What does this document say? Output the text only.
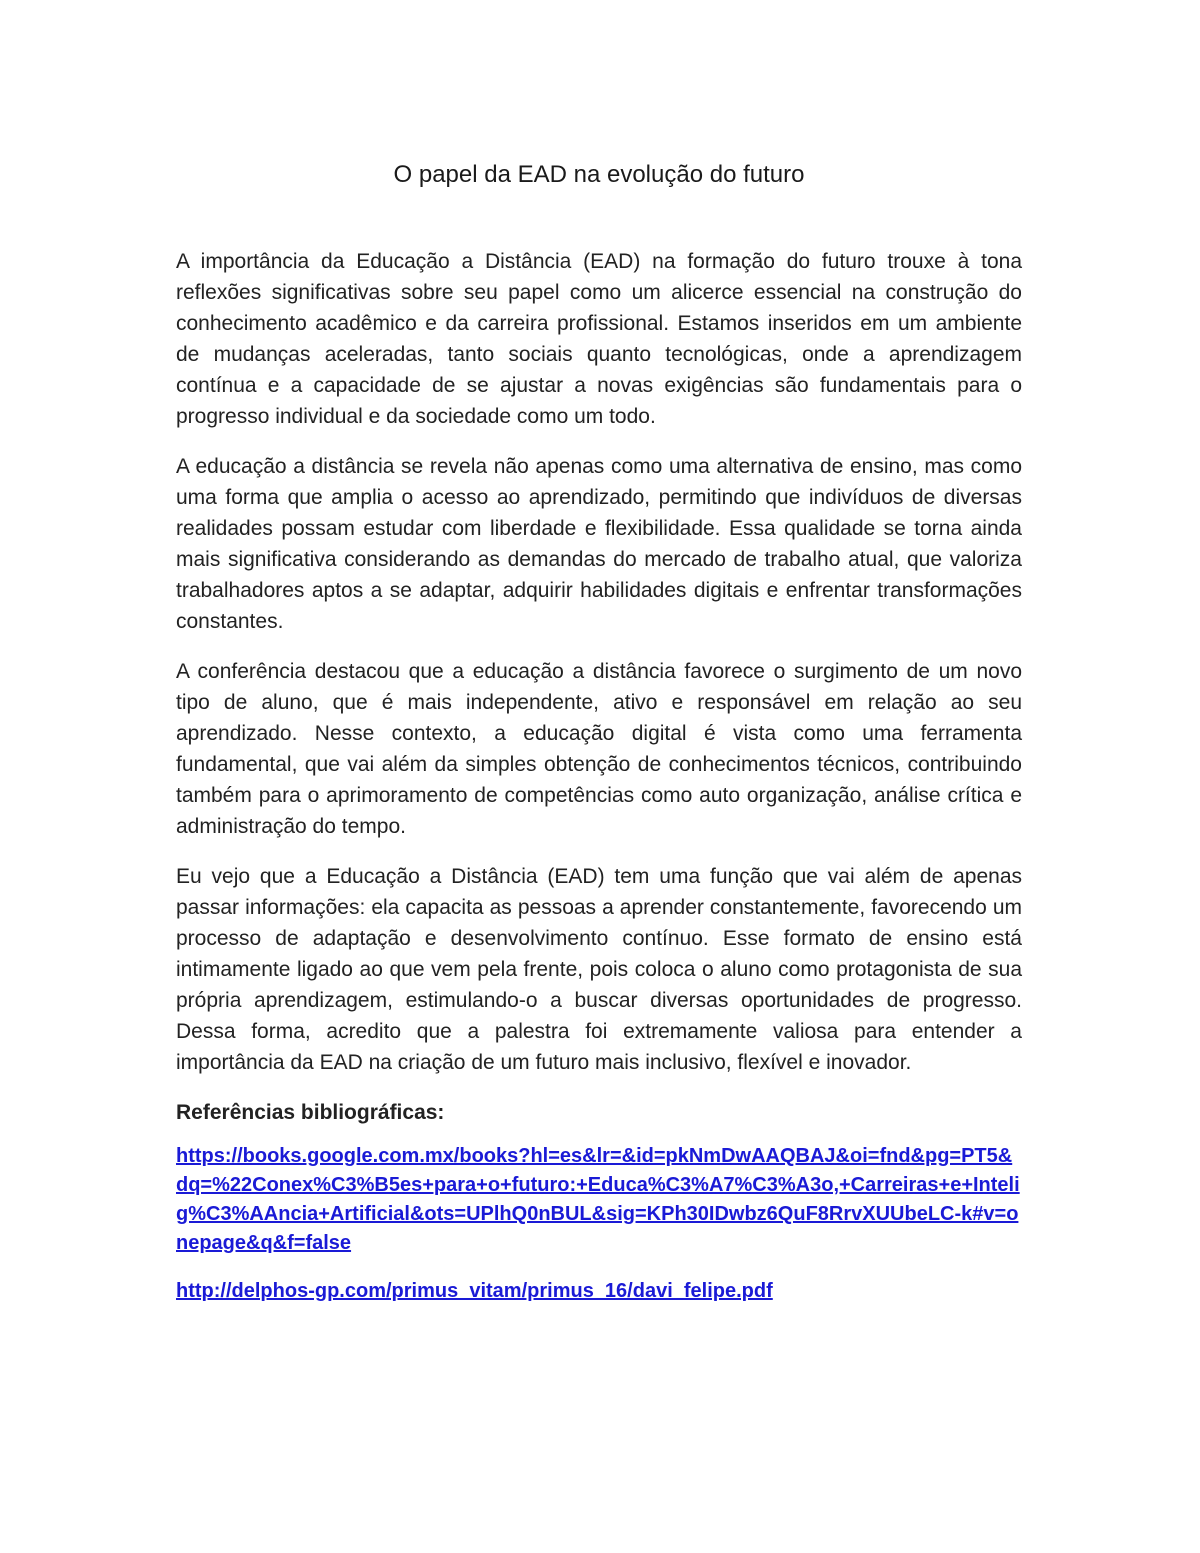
O papel da EAD na evolução do futuro

A importância da Educação a Distância (EAD) na formação do futuro trouxe à tona reflexões significativas sobre seu papel como um alicerce essencial na construção do conhecimento acadêmico e da carreira profissional. Estamos inseridos em um ambiente de mudanças aceleradas, tanto sociais quanto tecnológicas, onde a aprendizagem contínua e a capacidade de se ajustar a novas exigências são fundamentais para o progresso individual e da sociedade como um todo.

A educação a distância se revela não apenas como uma alternativa de ensino, mas como uma forma que amplia o acesso ao aprendizado, permitindo que indivíduos de diversas realidades possam estudar com liberdade e flexibilidade. Essa qualidade se torna ainda mais significativa considerando as demandas do mercado de trabalho atual, que valoriza trabalhadores aptos a se adaptar, adquirir habilidades digitais e enfrentar transformações constantes.

A conferência destacou que a educação a distância favorece o surgimento de um novo tipo de aluno, que é mais independente, ativo e responsável em relação ao seu aprendizado. Nesse contexto, a educação digital é vista como uma ferramenta fundamental, que vai além da simples obtenção de conhecimentos técnicos, contribuindo também para o aprimoramento de competências como auto organização, análise crítica e administração do tempo.

Eu vejo que a Educação a Distância (EAD) tem uma função que vai além de apenas passar informações: ela capacita as pessoas a aprender constantemente, favorecendo um processo de adaptação e desenvolvimento contínuo. Esse formato de ensino está intimamente ligado ao que vem pela frente, pois coloca o aluno como protagonista de sua própria aprendizagem, estimulando-o a buscar diversas oportunidades de progresso. Dessa forma, acredito que a palestra foi extremamente valiosa para entender a importância da EAD na criação de um futuro mais inclusivo, flexível e inovador.

Referências bibliográficas:
https://books.google.com.mx/books?hl=es&lr=&id=pkNmDwAAQBAJ&oi=fnd&pg=PT5&dq=%22Conex%C3%B5es+para+o+futuro:+Educa%C3%A7%C3%A3o,+Carreiras+e+Intelig%C3%AAncia+Artificial&ots=UPlhQ0nBUL&sig=KPh30IDwbz6QuF8RrvXUUbeLC-k#v=onepage&q&f=false
http://delphos-gp.com/primus_vitam/primus_16/davi_felipe.pdf
